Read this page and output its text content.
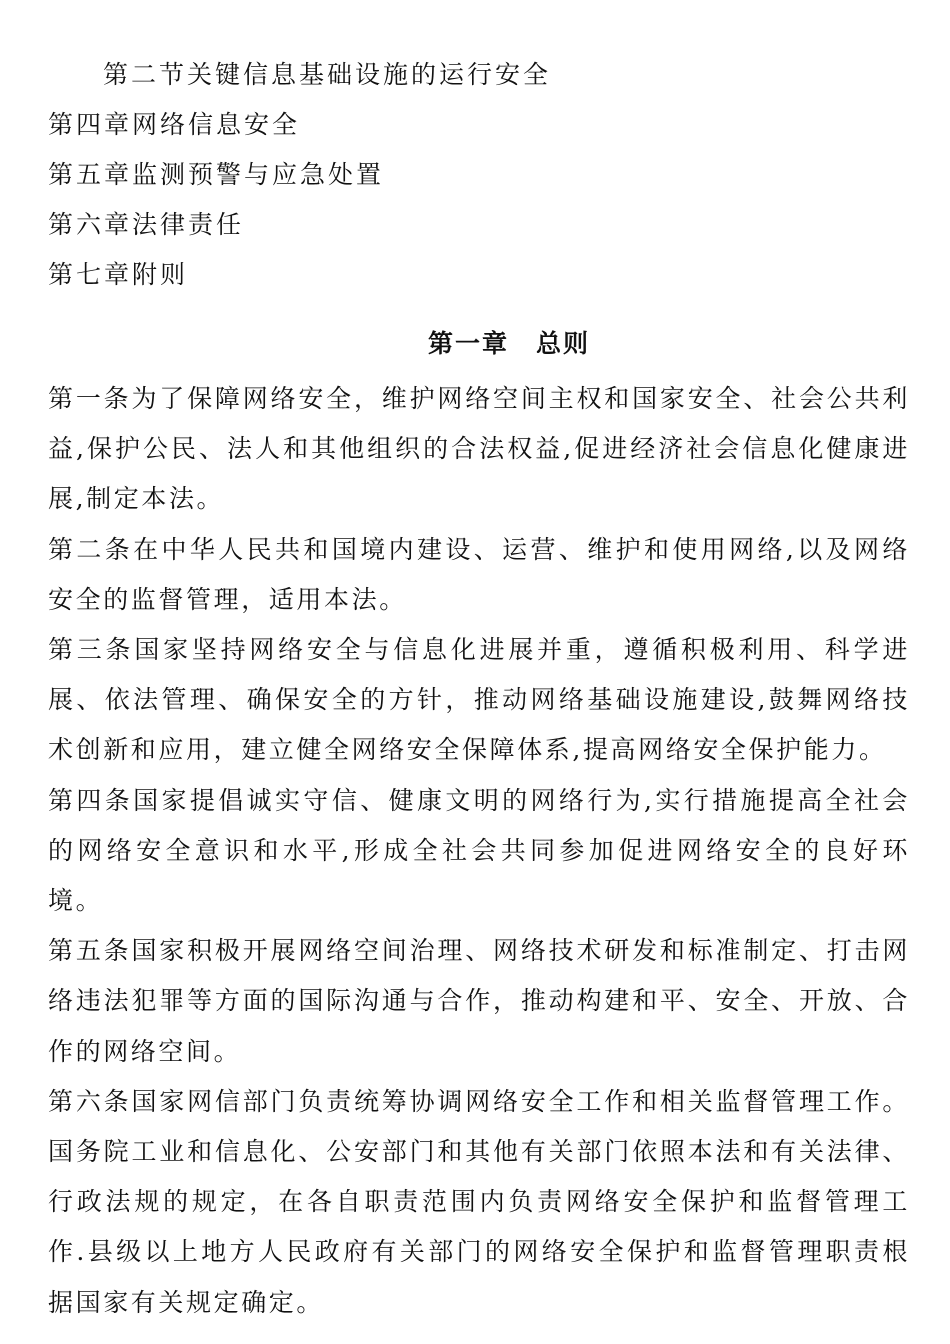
第二节关键信息基础设施的运行安全
第四章网络信息安全
第五章监测预警与应急处置
第六章法律责任
第七章附则
第一章　总则

第一条为了保障网络安全，维护网络空间主权和国家安全、社会公共利益,保护公民、法人和其他组织的合法权益,促进经济社会信息化健康进展,制定本法。

第二条在中华人民共和国境内建设、运营、维护和使用网络,以及网络安全的监督管理，适用本法。

第三条国家坚持网络安全与信息化进展并重，遵循积极利用、科学进展、依法管理、确保安全的方针，推动网络基础设施建设,鼓舞网络技术创新和应用，建立健全网络安全保障体系,提高网络安全保护能力。

第四条国家提倡诚实守信、健康文明的网络行为,实行措施提高全社会的网络安全意识和水平,形成全社会共同参加促进网络安全的良好环境。

第五条国家积极开展网络空间治理、网络技术研发和标准制定、打击网络违法犯罪等方面的国际沟通与合作，推动构建和平、安全、开放、合作的网络空间。

第六条国家网信部门负责统筹协调网络安全工作和相关监督管理工作。国务院工业和信息化、公安部门和其他有关部门依照本法和有关法律、行政法规的规定，在各自职责范围内负责网络安全保护和监督管理工作.县级以上地方人民政府有关部门的网络安全保护和监督管理职责根据国家有关规定确定。
